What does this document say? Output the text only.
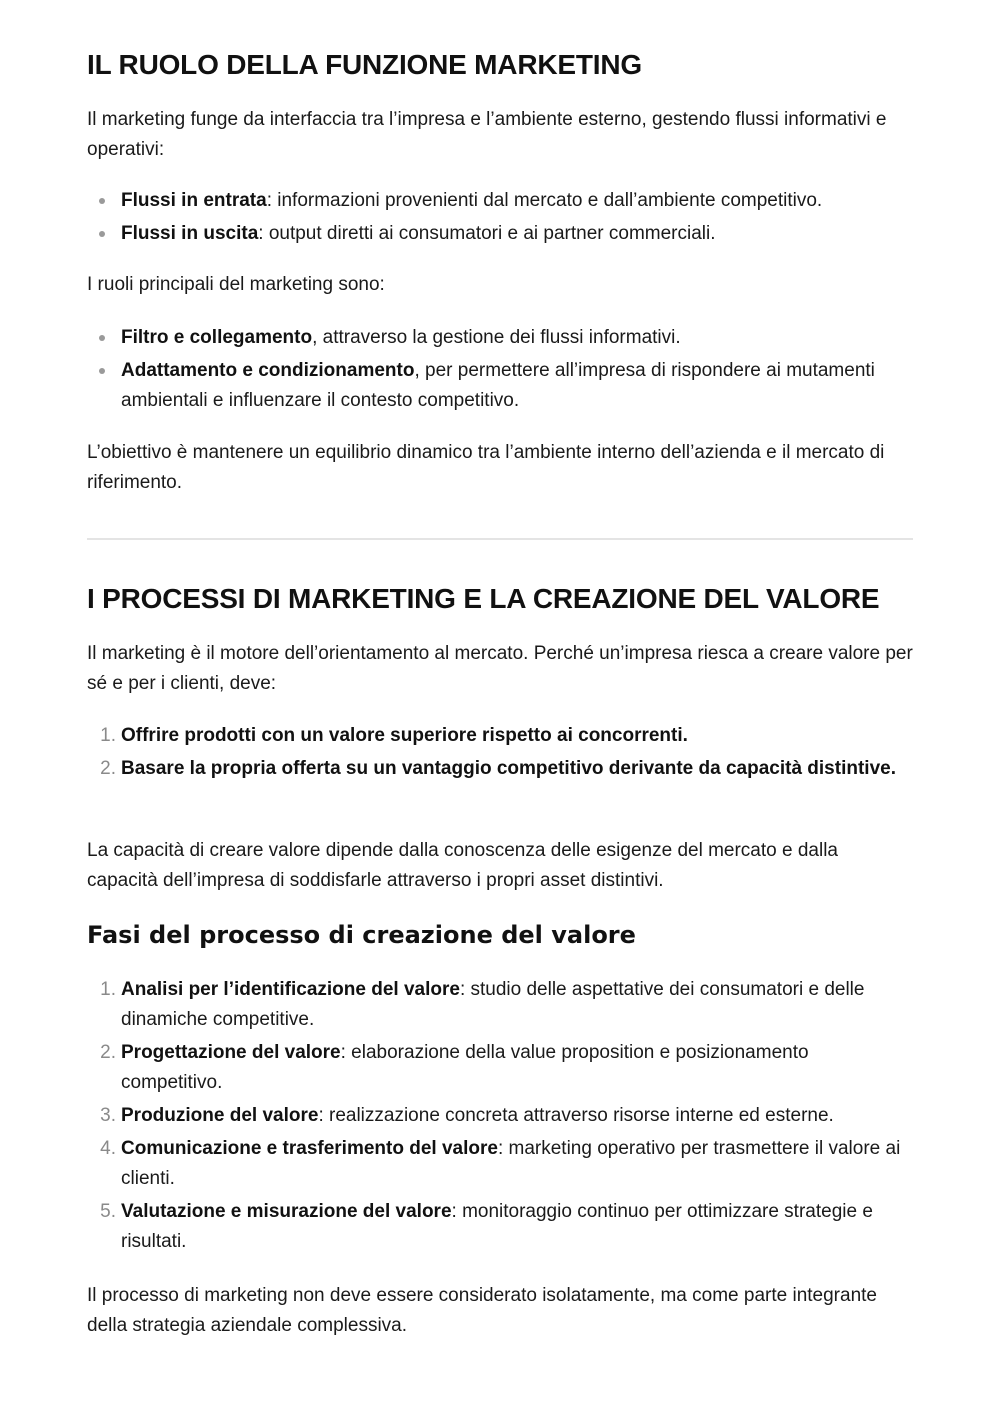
IL RUOLO DELLA FUNZIONE MARKETING

Il marketing funge da interfaccia tra l’impresa e l’ambiente esterno, gestendo flussi informativi e operativi:

Flussi in entrata: informazioni provenienti dal mercato e dall’ambiente competitivo.
Flussi in uscita: output diretti ai consumatori e ai partner commerciali.

I ruoli principali del marketing sono:

Filtro e collegamento, attraverso la gestione dei flussi informativi.
Adattamento e condizionamento, per permettere all’impresa di rispondere ai mutamenti ambientali e influenzare il contesto competitivo.

L’obiettivo è mantenere un equilibrio dinamico tra l’ambiente interno dell’azienda e il mercato di riferimento.

I PROCESSI DI MARKETING E LA CREAZIONE DEL VALORE

Il marketing è il motore dell’orientamento al mercato. Perché un’impresa riesca a creare valore per sé e per i clienti, deve:

1. Offrire prodotti con un valore superiore rispetto ai concorrenti.
2. Basare la propria offerta su un vantaggio competitivo derivante da capacità distintive.

La capacità di creare valore dipende dalla conoscenza delle esigenze del mercato e dalla capacità dell’impresa di soddisfarle attraverso i propri asset distintivi.

Fasi del processo di creazione del valore
1. Analisi per l’identificazione del valore: studio delle aspettative dei consumatori e delle dinamiche competitive.
2. Progettazione del valore: elaborazione della value proposition e posizionamento competitivo.
3. Produzione del valore: realizzazione concreta attraverso risorse interne ed esterne.
4. Comunicazione e trasferimento del valore: marketing operativo per trasmettere il valore ai clienti.
5. Valutazione e misurazione del valore: monitoraggio continuo per ottimizzare strategie e risultati.

Il processo di marketing non deve essere considerato isolatamente, ma come parte integrante della strategia aziendale complessiva.
